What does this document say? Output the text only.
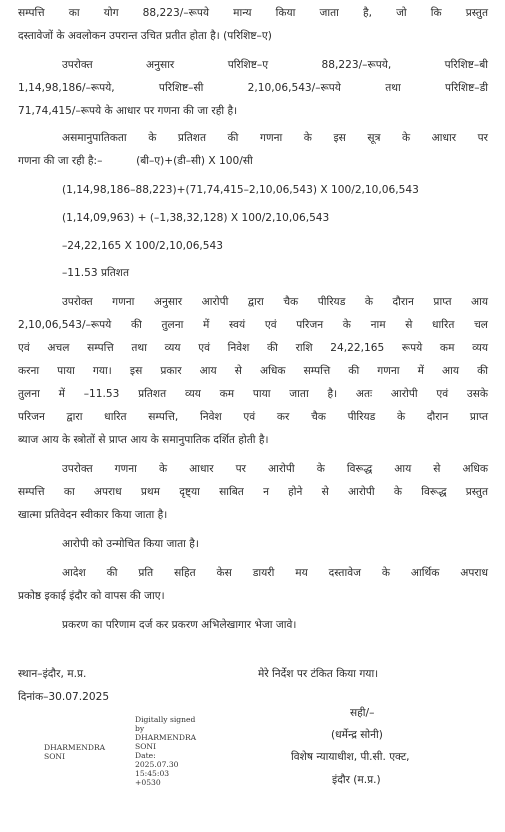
सम्पत्ति का योग 88,223/–रूपये मान्य किया जाता है, जो कि प्रस्तुत
दस्तावेजों के अवलोकन उपरान्त उचित प्रतीत होता है। (परिशिष्ट–ए)
उपरोक्त अनुसार परिशिष्ट–ए 88,223/–रूपये, परिशिष्ट–बी
1,14,98,186/–रूपये, परिशिष्ट–सी 2,10,06,543/–रूपये तथा परिशिष्ट–डी
71,74,415/–रूपये के आधार पर गणना की जा रही है।
असमानुपातिकता के प्रतिशत की गणना के इस सूत्र के आधार पर
गणना की जा रही है:–          (बी–ए)+(डी–सी) X 100/सी
(1,14,98,186–88,223)+(71,74,415–2,10,06,543) X 100/2,10,06,543
(1,14,09,963) + (–1,38,32,128) X 100/2,10,06,543
–24,22,165 X 100/2,10,06,543
–11.53 प्रतिशत
उपरोक्त गणना अनुसार आरोपी द्वारा चैक पीरियड के दौरान प्राप्त आय
2,10,06,543/–रूपये की तुलना में स्वयं एवं परिजन के नाम से धारित चल
एवं अचल सम्पत्ति तथा व्यय एवं निवेश की राशि 24,22,165 रूपये कम व्यय
करना पाया गया। इस प्रकार आय से अधिक सम्पत्ति की गणना में आय की
तुलना में –11.53 प्रतिशत व्यय कम पाया जाता है। अतः आरोपी एवं उसके
परिजन द्वारा धारित सम्पत्ति, निवेश एवं कर चैक पीरियड के दौरान प्राप्त
ब्याज आय के स्त्रोतों से प्राप्त आय के समानुपातिक दर्शित होती है।
उपरोक्त गणना के आधार पर आरोपी के विरूद्ध आय से अधिक
सम्पत्ति का अपराध प्रथम दृष्ट्या साबित न होने से आरोपी के विरूद्ध प्रस्तुत
खात्मा प्रतिवेदन स्वीकार किया जाता है।
आरोपी को उन्मोचित किया जाता है।
आदेश की प्रति सहित केस डायरी मय दस्तावेज के आर्थिक अपराध
प्रकोष्ठ इकाई इंदौर को वापस की जाए।
प्रकरण का परिणाम दर्ज कर प्रकरण अभिलेखागार भेजा जावे।
स्थान–इंदौर, म.प्र.
दिनांक–30.07.2025
मेरे निर्देश पर टंकित किया गया।
सही/–
(धर्मेन्द्र सोनी)
विशेष न्यायाधीश, पी.सी. एक्ट,
इंदौर (म.प्र.)
DHARMENDRA
SONI
Digitally signed
by
DHARMENDRA
SONI
Date:
2025.07.30
15:45:03
+0530
